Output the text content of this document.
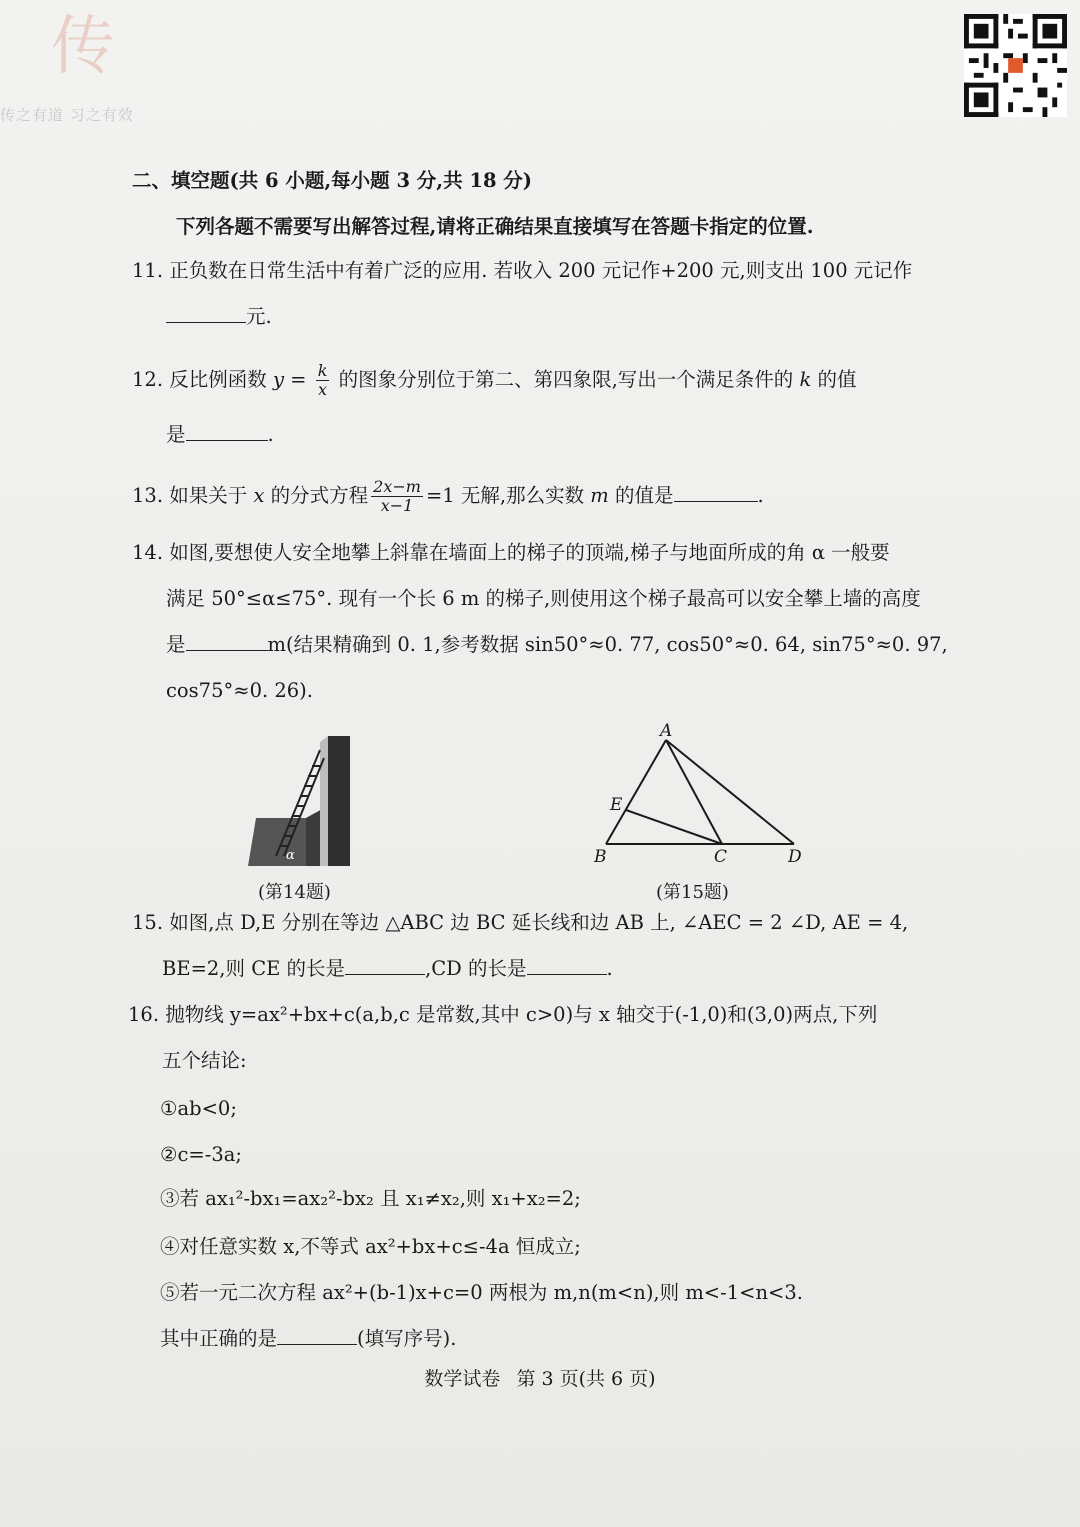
传
传之有道 习之有效
二、填空题(共 6 小题,每小题 3 分,共 18 分)
下列各题不需要写出解答过程,请将正确结果直接填写在答题卡指定的位置.
11. 正负数在日常生活中有着广泛的应用. 若收入 200 元记作+200 元,则支出 100 元记作
元.
12. 反比例函数 $y = \frac{k}{x}$ 的图象分别位于第二、第四象限,写出一个满足条件的 k 的值
是	.
13. 如果关于 x 的分式方程 $\frac{2x-m}{x-1} =1$ 无解,那么实数 m 的值是	.
14. 如图,要想使人安全地攀上斜靠在墙面上的梯子的顶端,梯子与地面所成的角 α 一般要
满足 50°≤α≤75°. 现有一个长 6 m 的梯子,则使用这个梯子最高可以安全攀上墙的高度
是	m(结果精确到 0. 1,参考数据 sin50°≈0. 77, cos50°≈0. 64, sin75°≈0. 97,
cos75°≈0. 26).
α
(第14题)
A
B	C	D
E
(第15题)
15. 如图,点 D,E 分别在等边 △ABC 边 BC 延长线和边 AB 上, ∠AEC = 2 ∠D, AE = 4,
BE=2,则 CE 的长是	,CD 的长是	.
16. 抛物线 y=ax²+bx+c(a,b,c 是常数,其中 c>0)与 x 轴交于(-1,0)和(3,0)两点,下列
五个结论:
①ab<0;
②c=-3a;
③若 ax₁²-bx₁=ax₂²-bx₂ 且 x₁≠x₂,则 x₁+x₂=2;
④对任意实数 x,不等式 ax²+bx+c≤-4a 恒成立;
⑤若一元二次方程 ax²+(b-1)x+c=0 两根为 m,n(m<n),则 m<-1<n<3.
其中正确的是	(填写序号).
数学试卷 第 3 页(共 6 页)
